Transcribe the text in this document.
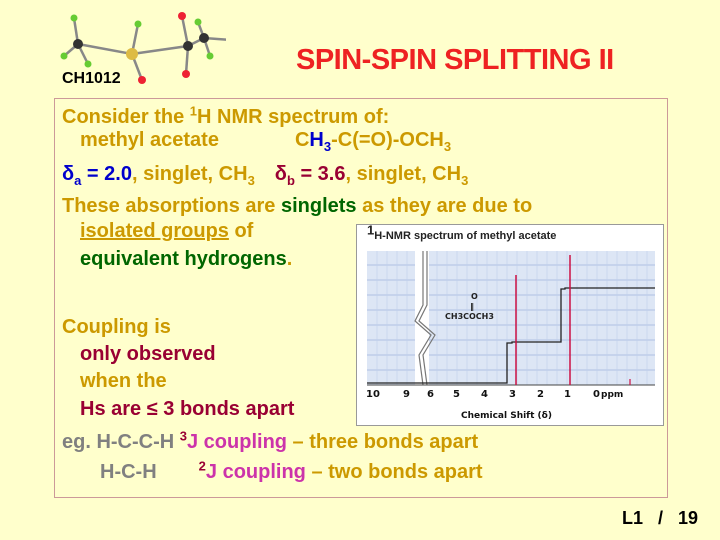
CH1012
SPIN-SPIN SPLITTING II
Consider the $^1$H NMR spectrum of:
methyl acetate	$CH_3-C(=O)-OCH_3$
$\delta_a = 2.0$, singlet, $CH_3$ $\delta_b = 3.6$, singlet, $CH_3$
These absorptions are singlets as they are due to
isolated groups of
equivalent hydrogens.
Coupling is
only observed
when the
Hs are ≤ 3 bonds apart
eg. H-C-C-H $^3$J coupling – three bonds apart
H-C-H	$^2$J coupling – two bonds apart
$^1$H-NMR spectrum of methyl acetate
O
‖
CH3COCH3
10 9 6 5 4 3 2 1 0 ppm
Chemical Shift (δ)
L1   /   19
